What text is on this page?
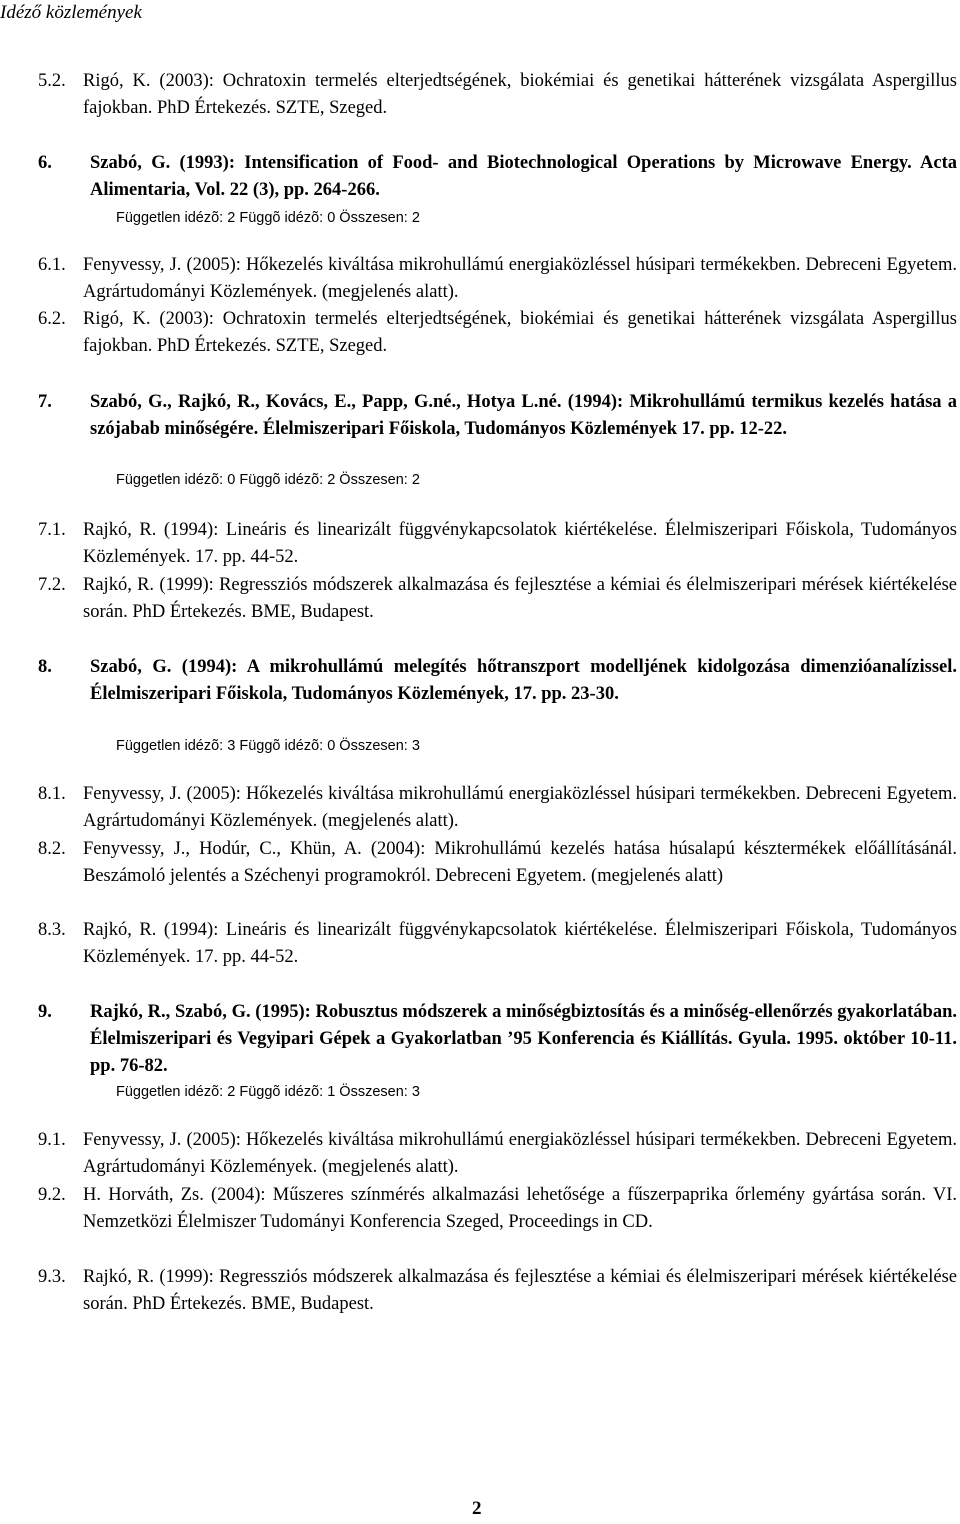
Idéző közlemények
5.2. Rigó, K. (2003): Ochratoxin termelés elterjedtségének, biokémiai és genetikai hátterének vizsgálata Aspergillus fajokban. PhD Értekezés. SZTE, Szeged.
6.	Szabó, G. (1993): Intensification of Food- and Biotechnological Operations by Microwave Energy. Acta Alimentaria, Vol. 22 (3), pp. 264-266.
Független idézõ: 2 Függõ idézõ: 0 Összesen: 2
6.1. Fenyvessy, J. (2005): Hőkezelés kiváltása mikrohullámú energiaközléssel húsipari termékekben. Debreceni Egyetem. Agrártudományi Közlemények. (megjelenés alatt).
6.2. Rigó, K. (2003): Ochratoxin termelés elterjedtségének, biokémiai és genetikai hátterének vizsgálata Aspergillus fajokban. PhD Értekezés. SZTE, Szeged.
7.	Szabó, G., Rajkó, R., Kovács, E., Papp, G.né., Hotya L.né. (1994): Mikrohullámú termikus kezelés hatása a szójabab minőségére. Élelmiszeripari Főiskola, Tudományos Közlemények 17. pp. 12-22.
Független idézõ: 0 Függõ idézõ: 2 Összesen: 2
7.1. Rajkó, R. (1994): Lineáris és linearizált függvénykapcsolatok kiértékelése. Élelmiszeripari Főiskola, Tudományos Közlemények. 17. pp. 44-52.
7.2. Rajkó, R. (1999): Regressziós módszerek alkalmazása és fejlesztése a kémiai és élelmiszeripari mérések kiértékelése során. PhD Értekezés. BME, Budapest.
8.	Szabó, G. (1994): A mikrohullámú melegítés hőtranszport modelljének kidolgozása dimenzióanalízissel. Élelmiszeripari Főiskola, Tudományos Közlemények, 17. pp. 23-30.
Független idézõ: 3 Függõ idézõ: 0 Összesen: 3
8.1. Fenyvessy, J. (2005): Hőkezelés kiváltása mikrohullámú energiaközléssel húsipari termékekben. Debreceni Egyetem. Agrártudományi Közlemények. (megjelenés alatt).
8.2. Fenyvessy, J., Hodúr, C., Khün, A. (2004): Mikrohullámú kezelés hatása húsalapú késztermékek előállításánál. Beszámoló jelentés a Széchenyi programokról. Debreceni Egyetem. (megjelenés alatt)
8.3. Rajkó, R. (1994): Lineáris és linearizált függvénykapcsolatok kiértékelése. Élelmiszeripari Főiskola, Tudományos Közlemények. 17. pp. 44-52.
9.	Rajkó, R., Szabó, G. (1995): Robusztus módszerek a minőségbiztosítás és a minőség-ellenőrzés gyakorlatában. Élelmiszeripari és Vegyipari Gépek a Gyakorlatban ’95 Konferencia és Kiállítás. Gyula. 1995. október 10-11. pp. 76-82.
Független idézõ: 2 Függõ idézõ: 1 Összesen: 3
9.1. Fenyvessy, J. (2005): Hőkezelés kiváltása mikrohullámú energiaközléssel húsipari termékekben. Debreceni Egyetem. Agrártudományi Közlemények. (megjelenés alatt).
9.2. H. Horváth, Zs. (2004): Műszeres színmérés alkalmazási lehetősége a fűszerpaprika őrlemény gyártása során. VI. Nemzetközi Élelmiszer Tudományi Konferencia Szeged, Proceedings in CD.
9.3. Rajkó, R. (1999): Regressziós módszerek alkalmazása és fejlesztése a kémiai és élelmiszeripari mérések kiértékelése során. PhD Értekezés. BME, Budapest.
2
